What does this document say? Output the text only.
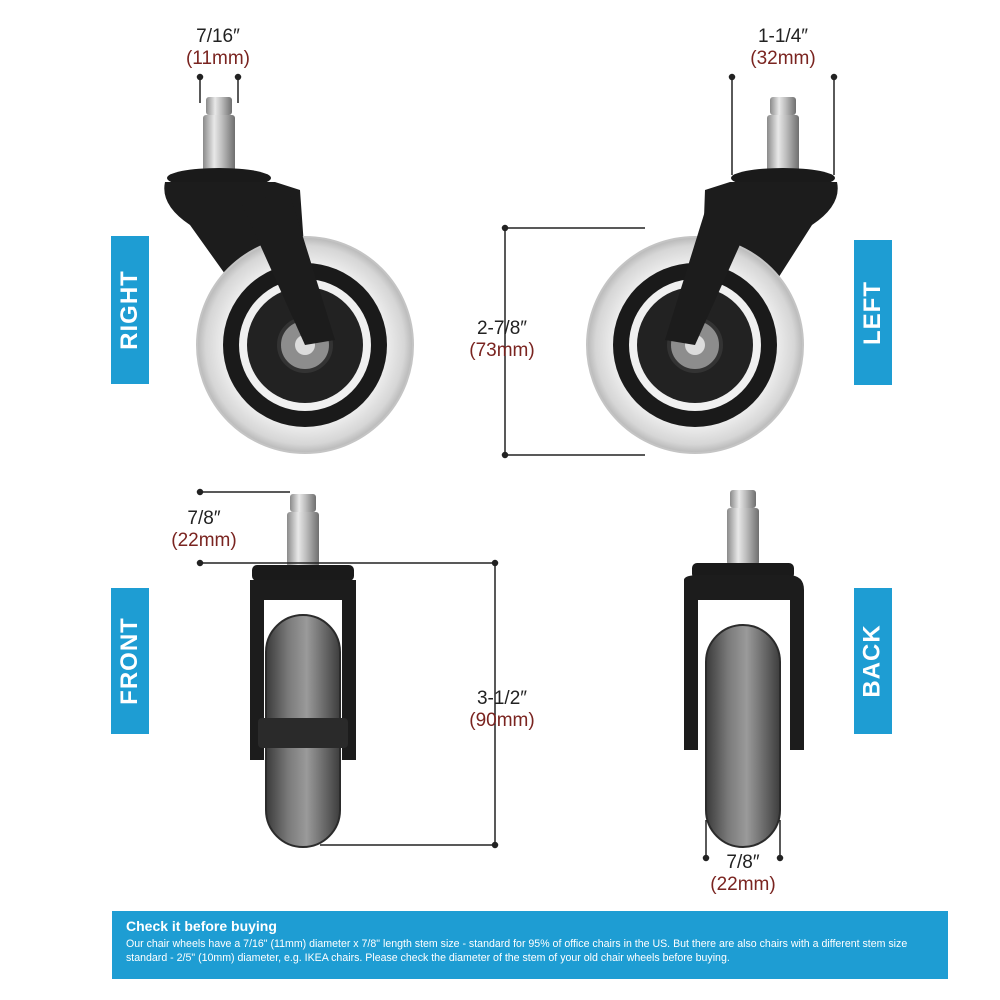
RIGHT	LEFT
FRONT	BACK
7/16″
(11mm)
1-1/4″
(32mm)
2-7/8″
(73mm)
7/8″
(22mm)
3-1/2″
(90mm)
7/8″
(22mm)
Check it before buying
Our chair wheels have a 7/16" (11mm) diameter x 7/8" length stem size - standard for 95% of office chairs in the US. But there are also chairs with a different stem size standard - 2/5" (10mm) diameter, e.g. IKEA chairs. Please check the diameter of the stem of your old chair wheels before buying.
